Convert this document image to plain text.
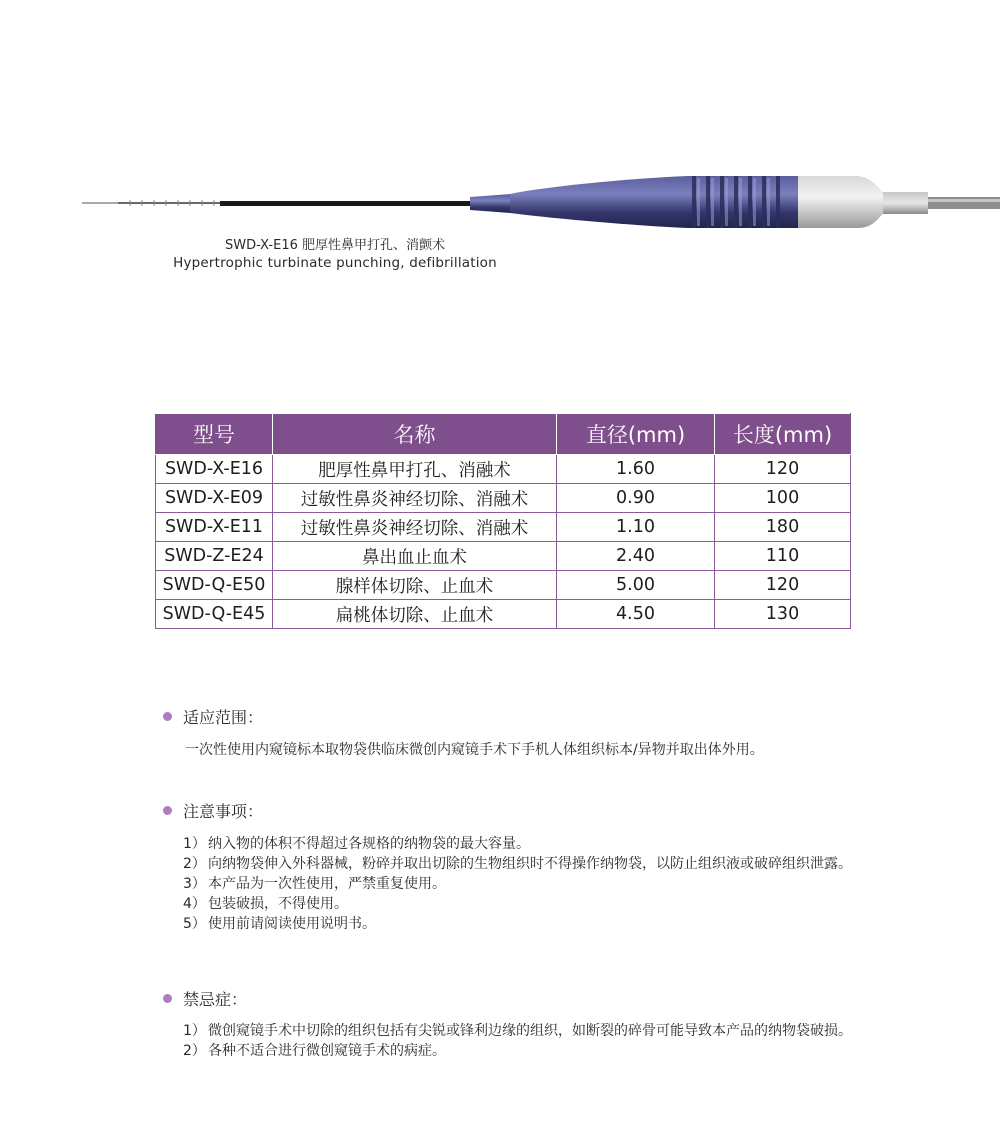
SWD-X-E16 肥厚性鼻甲打孔、消颤术
Hypertrophic turbinate punching, defibrillation
型号	名称	直径(mm)	长度(mm)
SWD-X-E16	肥厚性鼻甲打孔、消融术	1.60	120
SWD-X-E09	过敏性鼻炎神经切除、消融术	0.90	100
SWD-X-E11	过敏性鼻炎神经切除、消融术	1.10	180
SWD-Z-E24	鼻出血止血术	2.40	110
SWD-Q-E50	腺样体切除、止血术	5.00	120
SWD-Q-E45	扁桃体切除、止血术	4.50	130
适应范围：
一次性使用内窥镜标本取物袋供临床微创内窥镜手术下手机人体组织标本/异物并取出体外用。
注意事项：
1） 纳入物的体积不得超过各规格的纳物袋的最大容量。
2） 向纳物袋伸入外科器械，粉碎并取出切除的生物组织时不得操作纳物袋，以防止组织液或破碎组织泄露。
3） 本产品为一次性使用，严禁重复使用。
4） 包装破损，不得使用。
5） 使用前请阅读使用说明书。
禁忌症：
1） 微创窥镜手术中切除的组织包括有尖锐或锋利边缘的组织，如断裂的碎骨可能导致本产品的纳物袋破损。
2） 各种不适合进行微创窥镜手术的病症。
